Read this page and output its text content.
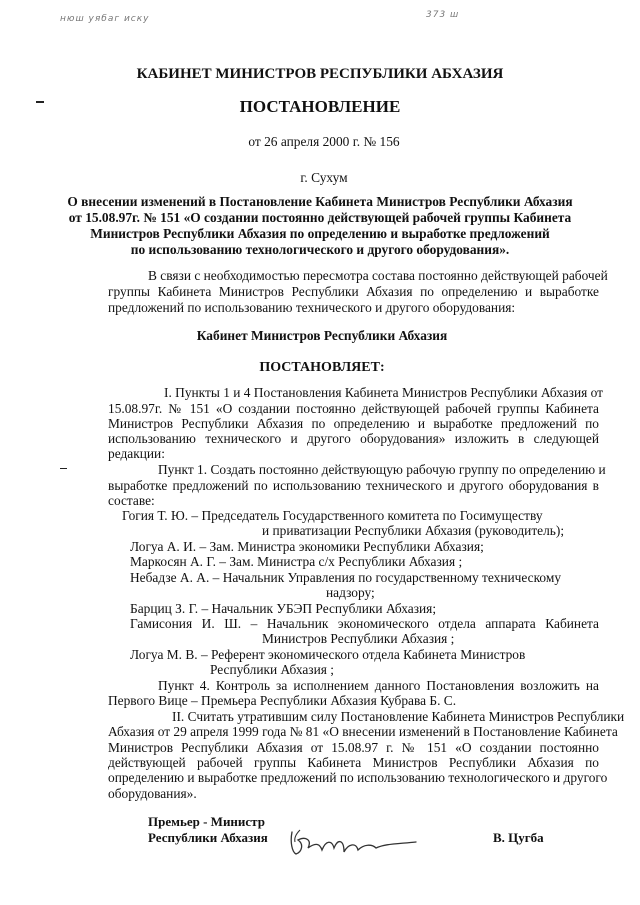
нюш уябаг иску	373 ш
КАБИНЕТ МИНИСТРОВ РЕСПУБЛИКИ АБХАЗИЯ
ПОСТАНОВЛЕНИЕ
от 26 апреля 2000 г. № 156
г. Сухум
О внесении изменений в Постановление Кабинета Министров Республики Абхазия
от 15.08.97г. № 151 «О создании постоянно действующей рабочей группы Кабинета
Министров Республики Абхазия по определению и выработке предложений
по использованию технологического и другого оборудования».
В связи с необходимостью пересмотра состава постоянно действующей рабочей
группы Кабинета Министров Республики Абхазия по определению и выработке
предложений по использованию технического и другого оборудования:
Кабинет Министров Республики Абхазия
ПОСТАНОВЛЯЕТ:
I. Пункты 1 и 4 Постановления Кабинета Министров Республики Абхазия от
15.08.97г. № 151 «О создании постоянно действующей рабочей группы Кабинета
Министров Республики Абхазия по определению и выработке предложений по
использованию технического и другого оборудования» изложить в следующей
редакции:
Пункт 1. Создать постоянно действующую рабочую группу по определению и
выработке предложений по использованию технического и другого оборудования в
составе:
Гогия Т. Ю. – Председатель Государственного комитета по Госимуществу
и приватизации Республики Абхазия (руководитель);
Логуа А. И. – Зам. Министра экономики Республики Абхазия;
Маркосян А. Г. – Зам. Министра с/х Республики Абхазия ;
Небадзе А. А. – Начальник Управления по государственному техническому
надзору;
Барциц З. Г. – Начальник УБЭП Республики Абхазия;
Гамисония И. Ш. – Начальник экономического отдела аппарата Кабинета
Министров Республики Абхазия ;
Логуа М. В. – Референт экономического отдела Кабинета Министров
Республики Абхазия ;
Пункт 4. Контроль за исполнением данного Постановления возложить на
Первого Вице – Премьера Республики Абхазия Кубрава Б. С.
II. Считать утратившим силу Постановление Кабинета Министров Республики
Абхазия от 29 апреля 1999 года № 81 «О внесении изменений в Постановление Кабинета
Министров Республики Абхазия от 15.08.97 г. № 151 «О создании постоянно
действующей рабочей группы Кабинета Министров Республики Абхазия по
определению и выработке предложений по использованию технологического и другого
оборудования».
Премьер - Министр
Республики Абхазия	В. Цугба
